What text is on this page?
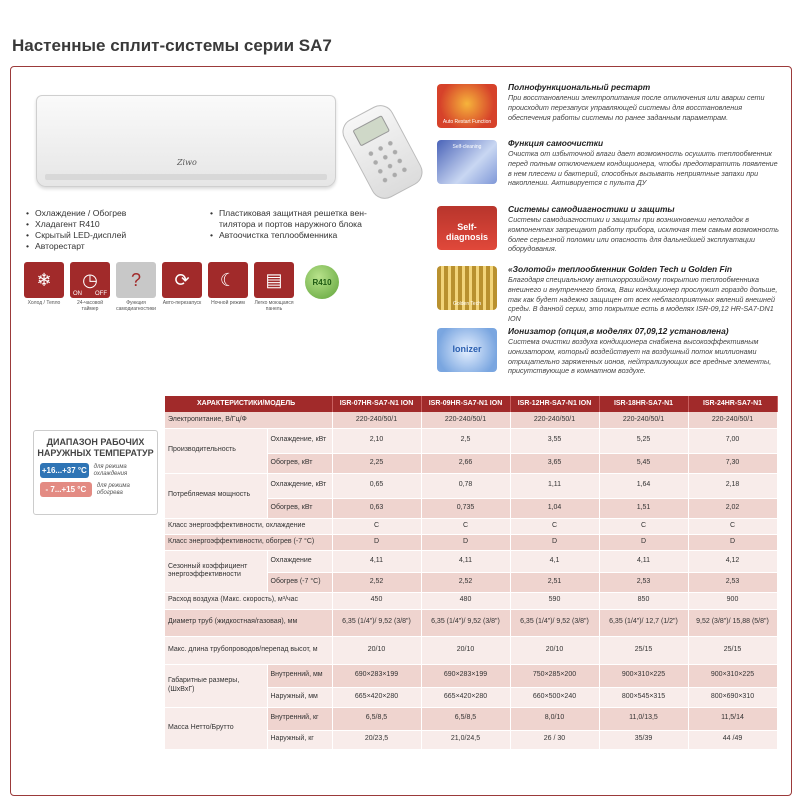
Настенные сплит-системы серии SA7
Ziwo
• Охлаждение / Обогрев
• Хладагент R410
• Скрытый LED-дисплей
• Авторестарт
• Пластиковая защитная решетка вен-
тилятора и портов наружного блока
• Автоочистка теплообменника
❄
Холод / Тепло
◷
ON OFF
24-часовой таймер
?
Функция самодиагностики
⟳
Авто-перезапуск
☾
Ночной режим
▤
Легко моющаяся панель
R410
Auto Restart Function
Полнофункциональный рестарт
При восстановлении электропитания после отключения или аварии сети происходит перезапуск управляющей системы для восстановления обеспечения работы системы по ранее заданным параметрам.
Self-cleaning	Функция самоочистки
Очистка от избыточной влаги дает возможность осушить теплообменник перед полным отключением кондиционера, чтобы предотвратить появление в нем плесени и бактерий, способных вызывать неприятные запахи при накоплении. Активируется с пульта ДУ
Self-diagnosis
Системы самодиагностики и защиты
Системы самодиагностики и защиты при возникновении неполадок в компонентах запрещают работу прибора, исключая тем самым возможность более серьезной поломки или опасность для дальнейшей эксплуатации оборудования.
Golden Tech
«Золотой» теплообменник Golden Tech и Golden Fin
Благодаря специальному антикоррозийному покрытию теплообменника внешнего и внутреннего блока, Ваш кондиционер прослужит гораздо дольше, так как будет надежно защищен от всех неблагоприятных явлений внешней среды. В данной серии, это покрытие есть в моделях ISR-09,12 HR-SA7-DN1 ION
Ionizer
Ионизатор (опция,в моделях 07,09,12 установлена)
Система очистки воздуха кондиционера снабжена высокоэффективным ионизатором, который воздействует на воздушный поток миллионами отрицательно заряженных ионов, нейтрализующих все вредные элементы, присутствующие в комнатном воздухе.
ДИАПАЗОН РАБОЧИХ НАРУЖНЫХ ТЕМПЕРАТУР
+16...+37 °С	для режима охлаждения
- 7...+15 °С	для режима обогрева
ХАРАКТЕРИСТИКИ/МОДЕЛЬ		ISR-07HR-SA7-N1 ION	ISR-09HR-SA7-N1 ION	ISR-12HR-SA7-N1 ION	ISR-18HR-SA7-N1	ISR-24HR-SA7-N1
Электропитание, В/Гц/Ф		220-240/50/1	220-240/50/1	220-240/50/1	220-240/50/1	220-240/50/1
Производительность	Охлаждение, кВт	2,10	2,5	3,55	5,25	7,00
	Обогрев, кВт	2,25	2,66	3,65	5,45	7,30
Потребляемая мощность	Охлаждение, кВт	0,65	0,78	1,11	1,64	2,18
	Обогрев, кВт	0,63	0,735	1,04	1,51	2,02
Класс энергоэффективности, охлаждение		C	C	C	C	C
Класс энергоэффективности, обогрев (-7 °C)		D	D	D	D	D
Сезонный коэффициент энергоэффективности	Охлаждение	4,11	4,11	4,1	4,11	4,12
	Обогрев (-7 °С)	2,52	2,52	2,51	2,53	2,53
Расход воздуха (Макс. скорость), м³/час		450	480	590	850	900
Диаметр труб (жидкостная/газовая), мм		6,35 (1/4")/ 9,52 (3/8")	6,35 (1/4")/ 9,52 (3/8")	6,35 (1/4")/ 9,52 (3/8")	6,35 (1/4")/ 12,7 (1/2")	9,52 (3/8")/ 15,88 (5/8")
Макс. длина трубопроводов/перепад высот, м		20/10	20/10	20/10	25/15	25/15
Габаритные размеры, (ШхВхГ)	Внутренний, мм	690×283×199	690×283×199	750×285×200	900×310×225	900×310×225
	Наружный, мм	665×420×280	665×420×280	660×500×240	800×545×315	800×690×310
Масса Нетто/Брутто	Внутренний, кг	6,5/8,5	6,5/8,5	8,0/10	11,0/13,5	11,5/14
	Наружный, кг	20/23,5	21,0/24,5	26 / 30	35/39	44 /49
